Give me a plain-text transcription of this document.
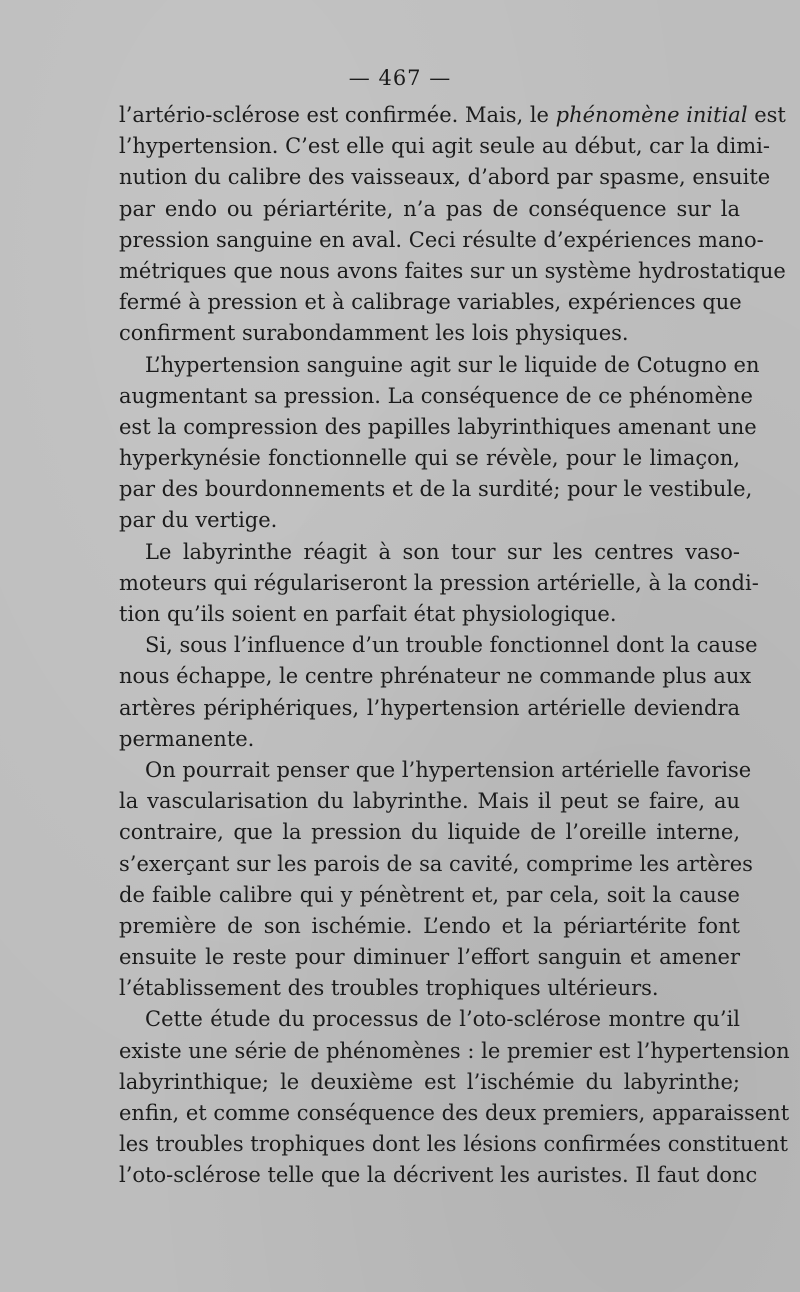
— 467 —
l’artério-sclérose est confirmée. Mais, le phénomène initial est
l’hypertension. C’est elle qui agit seule au début, car la dimi-
nution du calibre des vaisseaux, d’abord par spasme, ensuite
par endo ou périartérite, n’a pas de conséquence sur la
pression sanguine en aval. Ceci résulte d’expériences mano-
métriques que nous avons faites sur un système hydrostatique
fermé à pression et à calibrage variables, expériences que
confirment surabondamment les lois physiques.
L’hypertension sanguine agit sur le liquide de Cotugno en
augmentant sa pression. La conséquence de ce phénomène
est la compression des papilles labyrinthiques amenant une
hyperkynésie fonctionnelle qui se révèle, pour le limaçon,
par des bourdonnements et de la surdité; pour le vestibule,
par du vertige.
Le labyrinthe réagit à son tour sur les centres vaso-
moteurs qui régulariseront la pression artérielle, à la condi-
tion qu’ils soient en parfait état physiologique.
Si, sous l’influence d’un trouble fonctionnel dont la cause
nous échappe, le centre phrénateur ne commande plus aux
artères périphériques, l’hypertension artérielle deviendra
permanente.
On pourrait penser que l’hypertension artérielle favorise
la vascularisation du labyrinthe. Mais il peut se faire, au
contraire, que la pression du liquide de l’oreille interne,
s’exerçant sur les parois de sa cavité, comprime les artères
de faible calibre qui y pénètrent et, par cela, soit la cause
première de son ischémie. L’endo et la périartérite font
ensuite le reste pour diminuer l’effort sanguin et amener
l’établissement des troubles trophiques ultérieurs.
Cette étude du processus de l’oto-sclérose montre qu’il
existe une série de phénomènes : le premier est l’hypertension
labyrinthique; le deuxième est l’ischémie du labyrinthe;
enfin, et comme conséquence des deux premiers, apparaissent
les troubles trophiques dont les lésions confirmées constituent
l’oto-sclérose telle que la décrivent les auristes. Il faut donc
